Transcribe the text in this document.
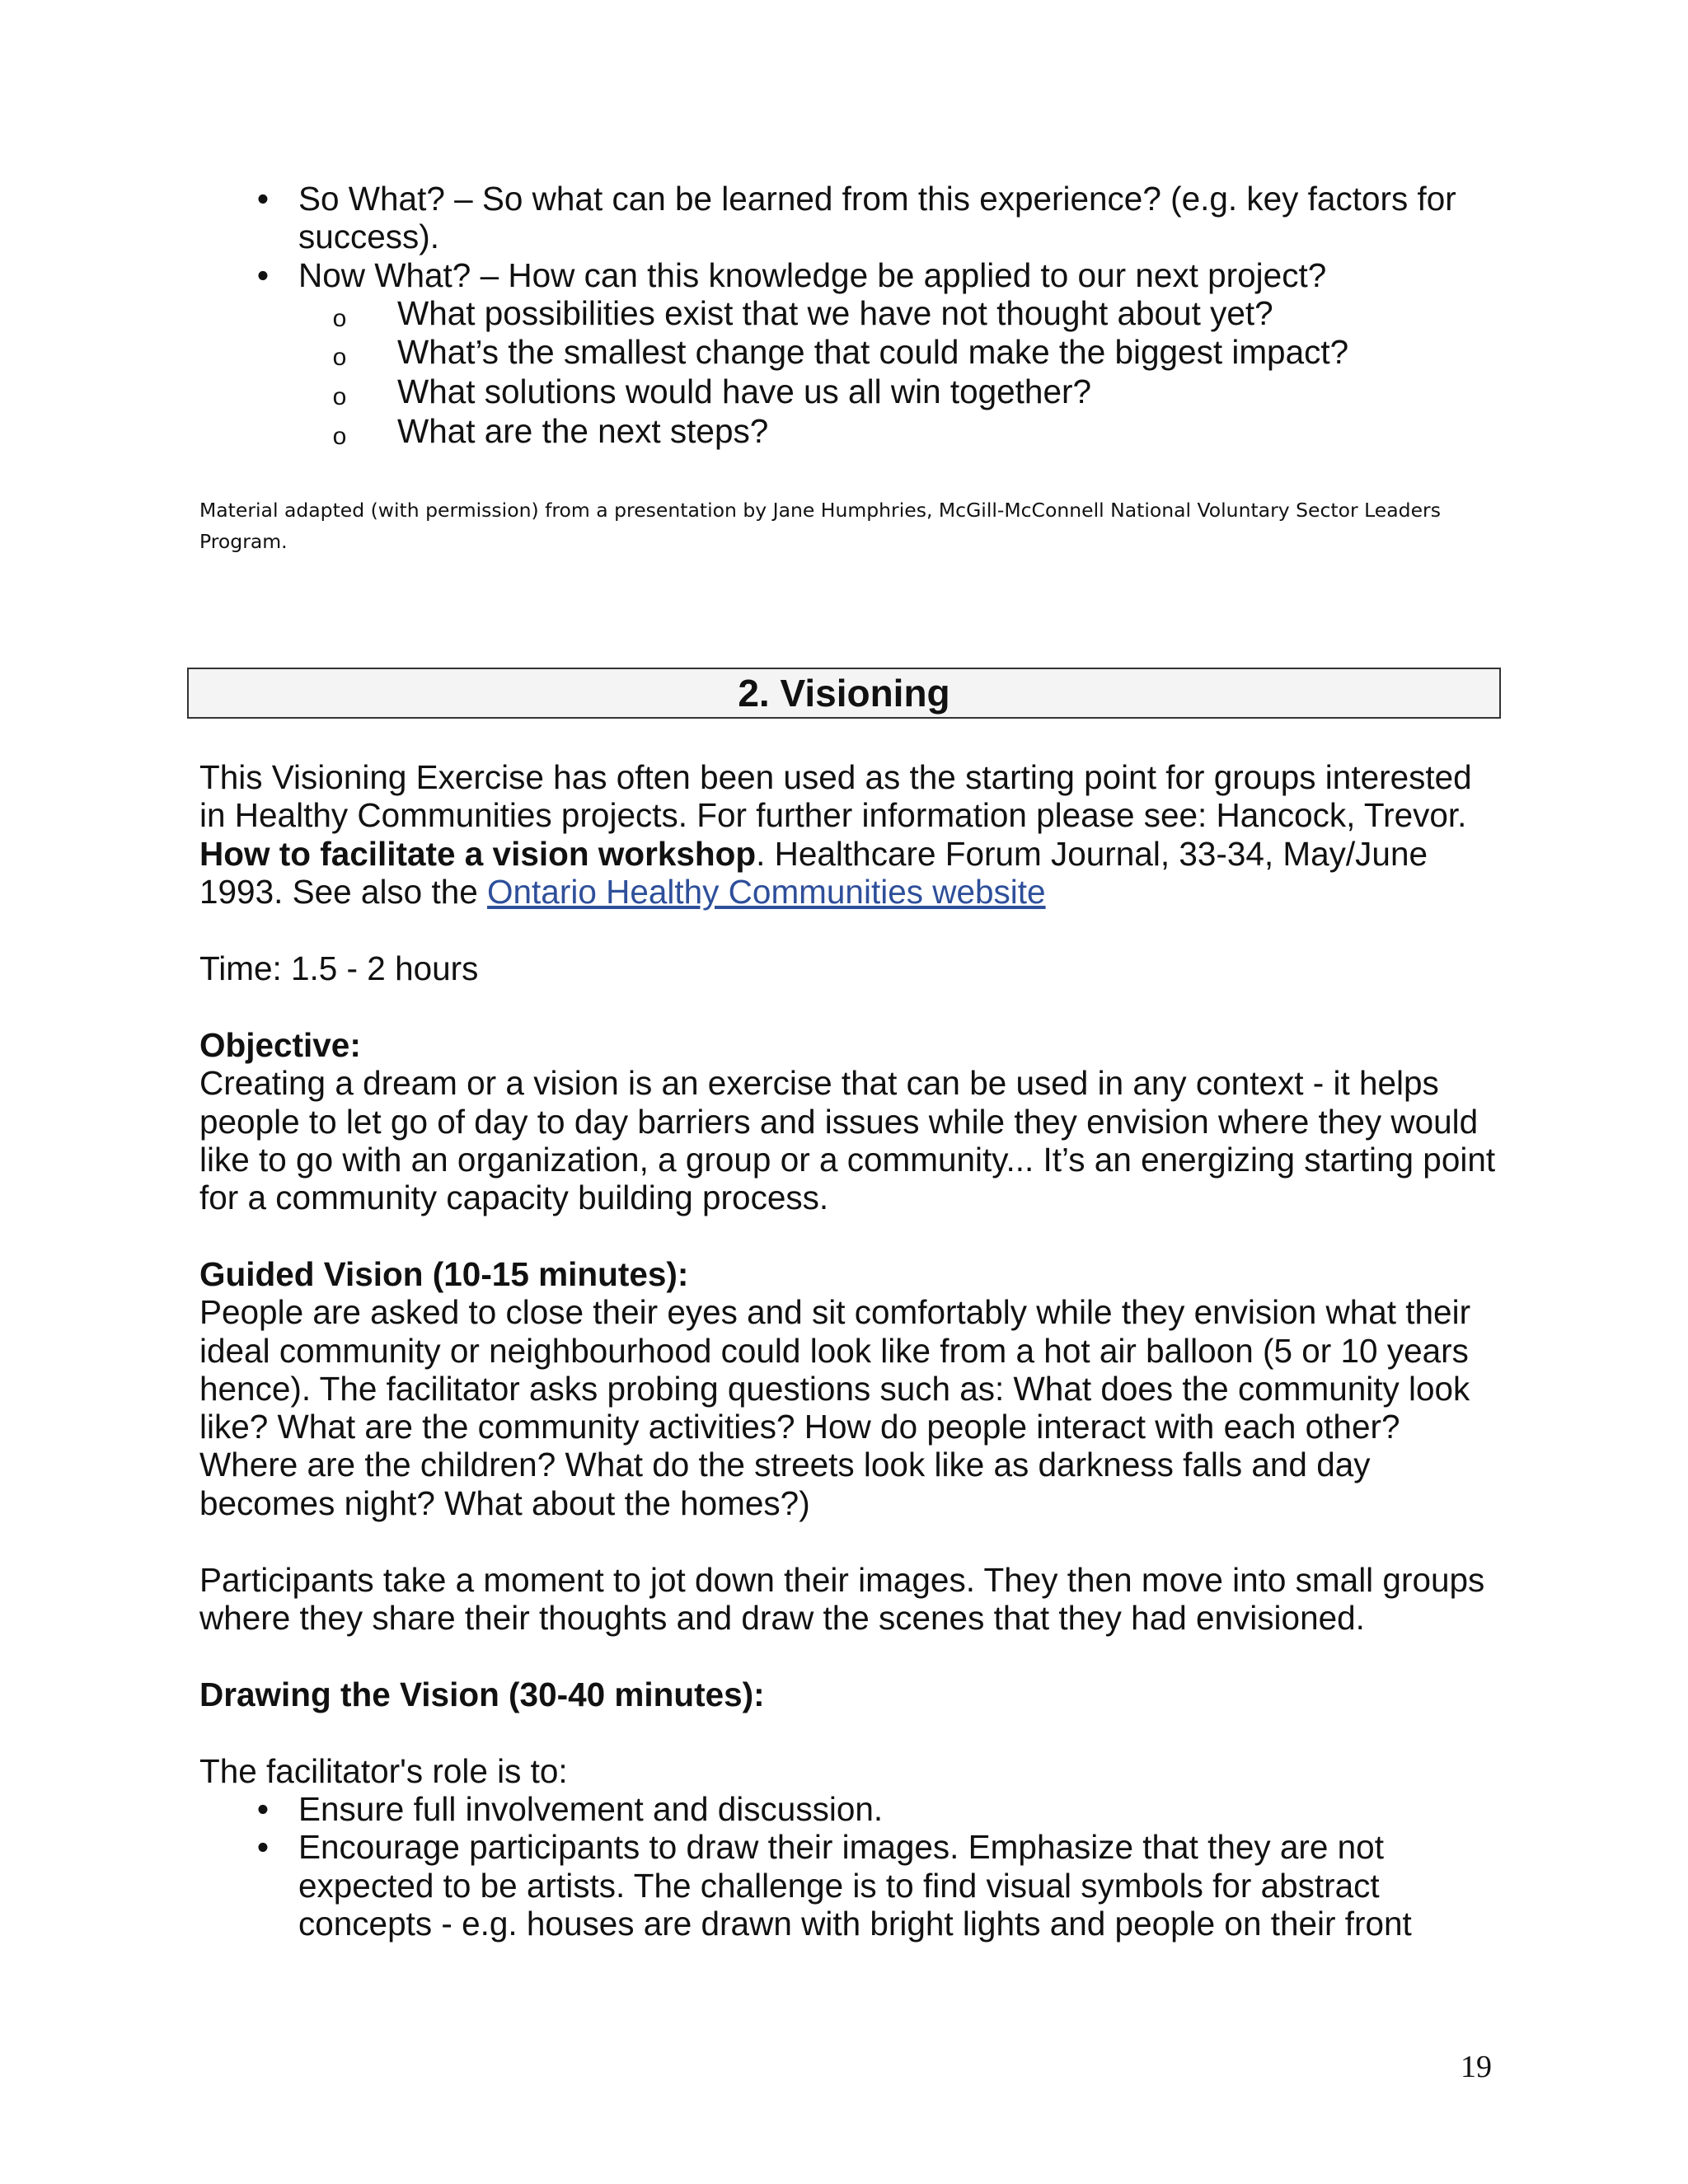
• So What? – So what can be learned from this experience? (e.g. key factors for
success).
• Now What? – How can this knowledge be applied to our next project?
o	What possibilities exist that we have not thought about yet?
o	What’s the smallest change that could make the biggest impact?
o	What solutions would have us all win together?
o	What are the next steps?
Material adapted (with permission) from a presentation by Jane Humphries, McGill-McConnell National Voluntary Sector Leaders
Program.
2. Visioning
This Visioning Exercise has often been used as the starting point for groups interested
in Healthy Communities projects. For further information please see: Hancock, Trevor.
How to facilitate a vision workshop. Healthcare Forum Journal, 33-34, May/June
1993. See also the Ontario Healthy Communities website
Time: 1.5 - 2 hours
Objective:
Creating a dream or a vision is an exercise that can be used in any context - it helps
people to let go of day to day barriers and issues while they envision where they would
like to go with an organization, a group or a community... It’s an energizing starting point
for a community capacity building process.
Guided Vision (10-15 minutes):
People are asked to close their eyes and sit comfortably while they envision what their
ideal community or neighbourhood could look like from a hot air balloon (5 or 10 years
hence). The facilitator asks probing questions such as: What does the community look
like? What are the community activities? How do people interact with each other?
Where are the children? What do the streets look like as darkness falls and day
becomes night? What about the homes?)
Participants take a moment to jot down their images. They then move into small groups
where they share their thoughts and draw the scenes that they had envisioned.
Drawing the Vision (30-40 minutes):
The facilitator's role is to:
• Ensure full involvement and discussion.
• Encourage participants to draw their images. Emphasize that they are not
expected to be artists. The challenge is to find visual symbols for abstract
concepts - e.g. houses are drawn with bright lights and people on their front
19
